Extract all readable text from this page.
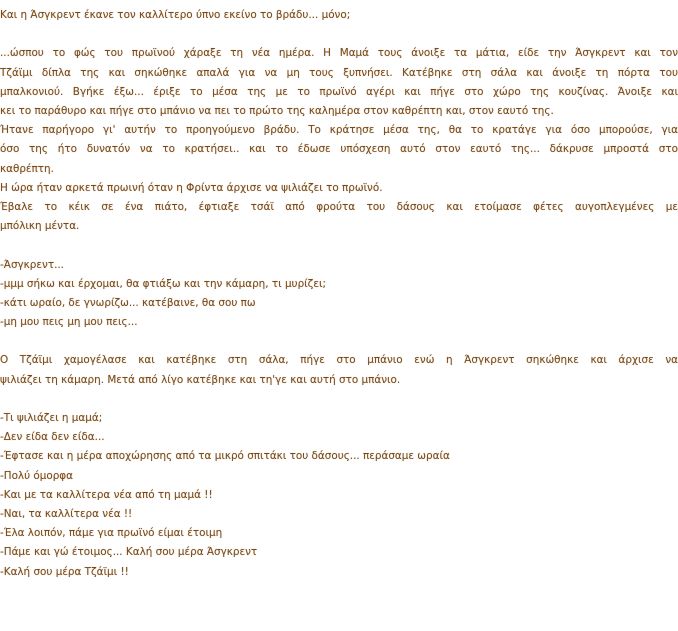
Και η Άσγκρεντ έκανε τον καλλίτερο ύπνο εκείνο το βράδυ... μόνο;
...ώσπου το φώς του πρωϊνού χάραξε τη νέα ημέρα. Η Μαμά τους άνοιξε τα μάτια, είδε την Άσγκρεντ και τον
Τζάϊμι δίπλα της και σηκώθηκε απαλά για να μη τους ξυπνήσει. Κατέβηκε στη σάλα και άνοιξε τη πόρτα του
μπαλκονιού. Βγήκε έξω... έριξε το μέσα της με το πρωϊνό αγέρι και πήγε στο χώρο της κουζίνας. Άνοιξε και
κει το παράθυρο και πήγε στο μπάνιο να πει το πρώτο της καλημέρα στον καθρέπτη και, στον εαυτό της.
Ήτανε παρήγορο γι' αυτήν το προηγούμενο βράδυ. Το κράτησε μέσα της, θα το κρατάγε για όσο μπορούσε, για
όσο της ήτο δυνατόν να το κρατήσει.. και το έδωσε υπόσχεση αυτό στον εαυτό της... δάκρυσε μπροστά στο
καθρέπτη.
Η ώρα ήταν αρκετά πρωινή όταν η Φρίντα άρχισε να ψιλιάζει το πρωϊνό.
Έβαλε το κέικ σε ένα πιάτο, έφτιαξε τσάϊ από φρούτα του δάσους και ετοίμασε φέτες αυγοπλεγμένες με
μπόλικη μέντα.
-Άσγκρεντ...
-μμμ σήκω και έρχομαι, θα φτιάξω και την κάμαρη, τι μυρίζει;
-κάτι ωραίο, δε γνωρίζω... κατέβαινε, θα σου πω
-μη μου πεις μη μου πεις...
Ο Τζάϊμι χαμογέλασε και κατέβηκε στη σάλα, πήγε στο μπάνιο ενώ η Άσγκρεντ σηκώθηκε και άρχισε να
ψιλιάζει τη κάμαρη. Μετά από λίγο κατέβηκε και τη'γε και αυτή στο μπάνιο.
-Τι ψιλιάζει η μαμά;
-Δεν είδα δεν είδα...
-Έφτασε και η μέρα αποχώρησης από τα μικρό σπιτάκι του δάσους... περάσαμε ωραία
-Πολύ όμορφα
-Και με τα καλλίτερα νέα από τη μαμά !!
-Ναι, τα καλλίτερα νέα !!
-Έλα λοιπόν, πάμε για πρωϊνό είμαι έτοιμη
-Πάμε και γώ έτοιμος... Καλή σου μέρα Άσγκρεντ
-Καλή σου μέρα Τζάϊμι !!
